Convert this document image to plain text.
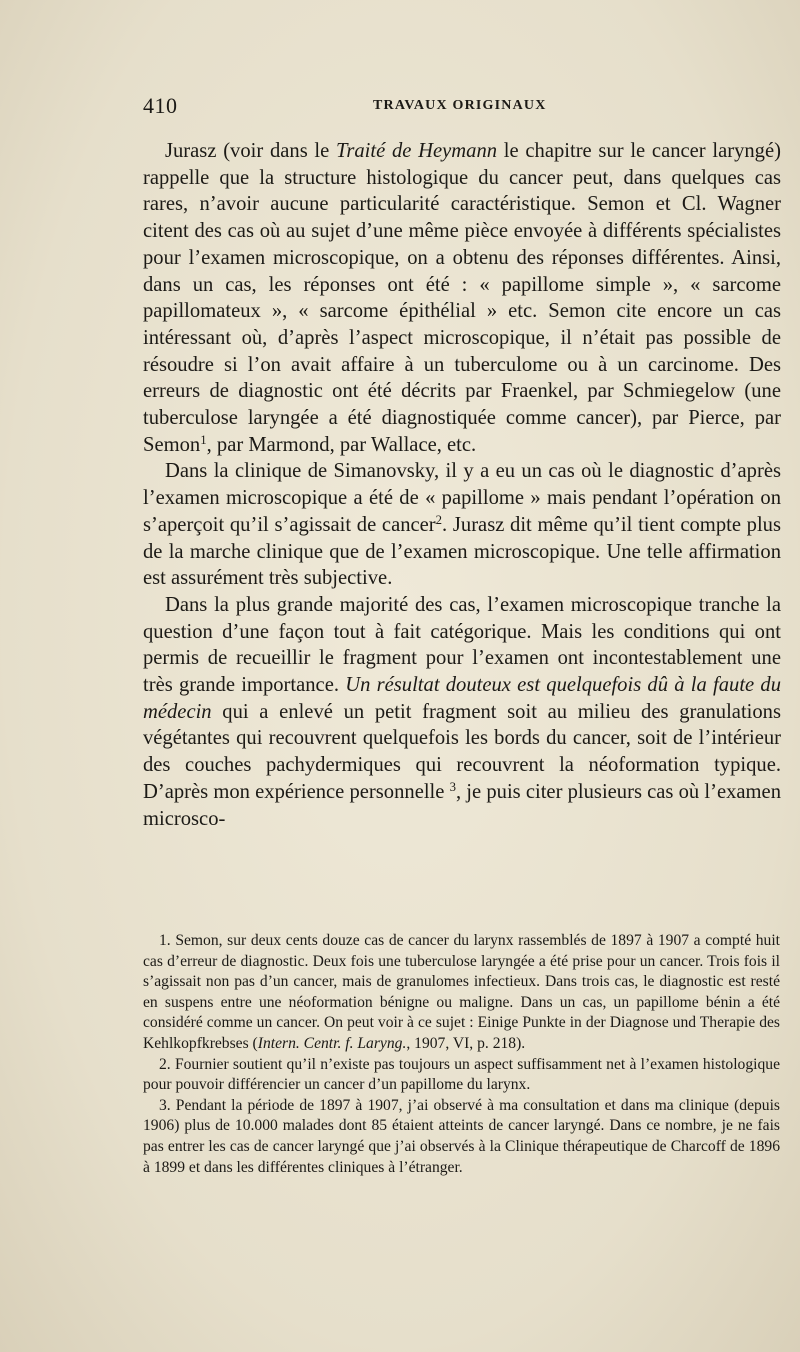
410	TRAVAUX ORIGINAUX

Jurasz (voir dans le Traité de Heymann le chapitre sur le cancer laryngé) rappelle que la structure histologique du cancer peut, dans quelques cas rares, n’avoir aucune particularité caractéristique. Semon et Cl. Wagner citent des cas où au sujet d’une même pièce envoyée à différents spécialistes pour l’examen microscopique, on a obtenu des réponses différentes. Ainsi, dans un cas, les réponses ont été : « papillome simple », « sarcome papillomateux », « sarcome épithélial » etc. Semon cite encore un cas intéressant où, d’après l’aspect microscopique, il n’était pas possible de résoudre si l’on avait affaire à un tuberculome ou à un carcinome. Des erreurs de diagnostic ont été décrits par Fraenkel, par Schmiegelow (une tuberculose laryngée a été diagnostiquée comme cancer), par Pierce, par Semon$^1$, par Marmond, par Wallace, etc.

Dans la clinique de Simanovsky, il y a eu un cas où le diagnostic d’après l’examen microscopique a été de « papillome » mais pendant l’opération on s’aperçoit qu’il s’agissait de cancer$^2$. Jurasz dit même qu’il tient compte plus de la marche clinique que de l’examen microscopique. Une telle affirmation est assurément très subjective.

Dans la plus grande majorité des cas, l’examen microscopique tranche la question d’une façon tout à fait catégorique. Mais les conditions qui ont permis de recueillir le fragment pour l’examen ont incontestablement une très grande importance. Un résultat douteux est quelquefois dû à la faute du médecin qui a enlevé un petit fragment soit au milieu des granulations végétantes qui recouvrent quelquefois les bords du cancer, soit de l’intérieur des couches pachydermiques qui recouvrent la néoformation typique. D’après mon expérience personnelle $^3$, je puis citer plusieurs cas où l’examen microsco-

1. Semon, sur deux cents douze cas de cancer du larynx rassemblés de 1897 à 1907 a compté huit cas d’erreur de diagnostic. Deux fois une tuberculose laryngée a été prise pour un cancer. Trois fois il s’agissait non pas d’un cancer, mais de granulomes infectieux. Dans trois cas, le diagnostic est resté en suspens entre une néoformation bénigne ou maligne. Dans un cas, un papillome bénin a été considéré comme un cancer. On peut voir à ce sujet : Einige Punkte in der Diagnose und Therapie des Kehlkopfkrebses (Intern. Centr. f. Laryng., 1907, VI, p. 218).

2. Fournier soutient qu’il n’existe pas toujours un aspect suffisamment net à l’examen histologique pour pouvoir différencier un cancer d’un papillome du larynx.

3. Pendant la période de 1897 à 1907, j’ai observé à ma consultation et dans ma clinique (depuis 1906) plus de 10.000 malades dont 85 étaient atteints de cancer laryngé. Dans ce nombre, je ne fais pas entrer les cas de cancer laryngé que j’ai observés à la Clinique thérapeutique de Charcoff de 1896 à 1899 et dans les différentes cliniques à l’étranger.
